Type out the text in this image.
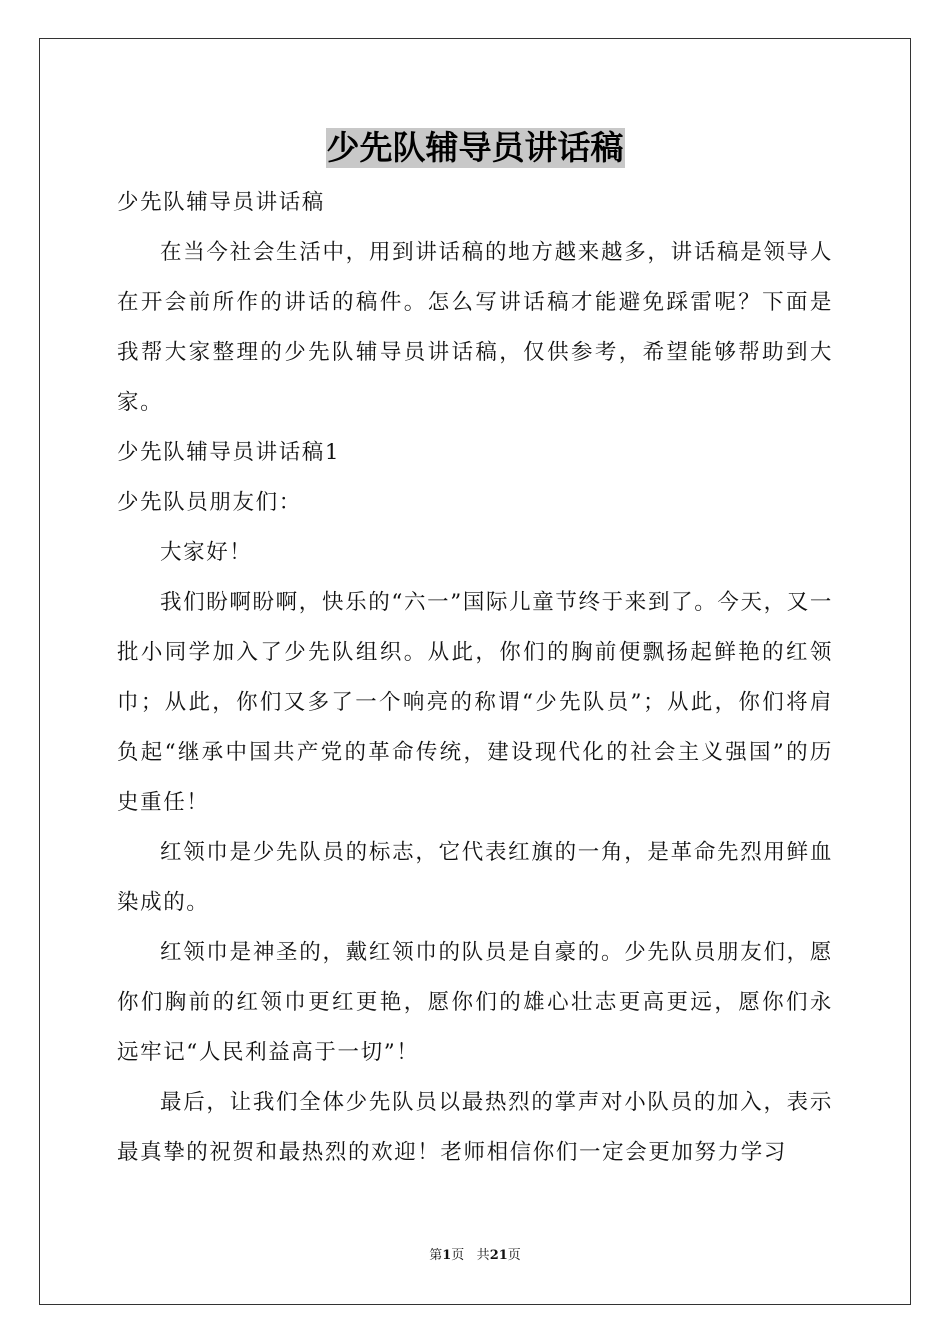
少先队辅导员讲话稿

少先队辅导员讲话稿

在当今社会生活中，用到讲话稿的地方越来越多，讲话稿是领导人在开会前所作的讲话的稿件。怎么写讲话稿才能避免踩雷呢？下面是我帮大家整理的少先队辅导员讲话稿，仅供参考，希望能够帮助到大家。

少先队辅导员讲话稿1

少先队员朋友们：

大家好！

我们盼啊盼啊，快乐的“六一”国际儿童节终于来到了。今天，又一批小同学加入了少先队组织。从此，你们的胸前便飘扬起鲜艳的红领巾；从此，你们又多了一个响亮的称谓“少先队员”；从此，你们将肩负起“继承中国共产党的革命传统，建设现代化的社会主义强国”的历史重任！

红领巾是少先队员的标志，它代表红旗的一角，是革命先烈用鲜血染成的。

红领巾是神圣的，戴红领巾的队员是自豪的。少先队员朋友们，愿你们胸前的红领巾更红更艳，愿你们的雄心壮志更高更远，愿你们永远牢记“人民利益高于一切”！

最后，让我们全体少先队员以最热烈的掌声对小队员的加入，表示最真挚的祝贺和最热烈的欢迎！老师相信你们一定会更加努力学习

第1页 共21页
